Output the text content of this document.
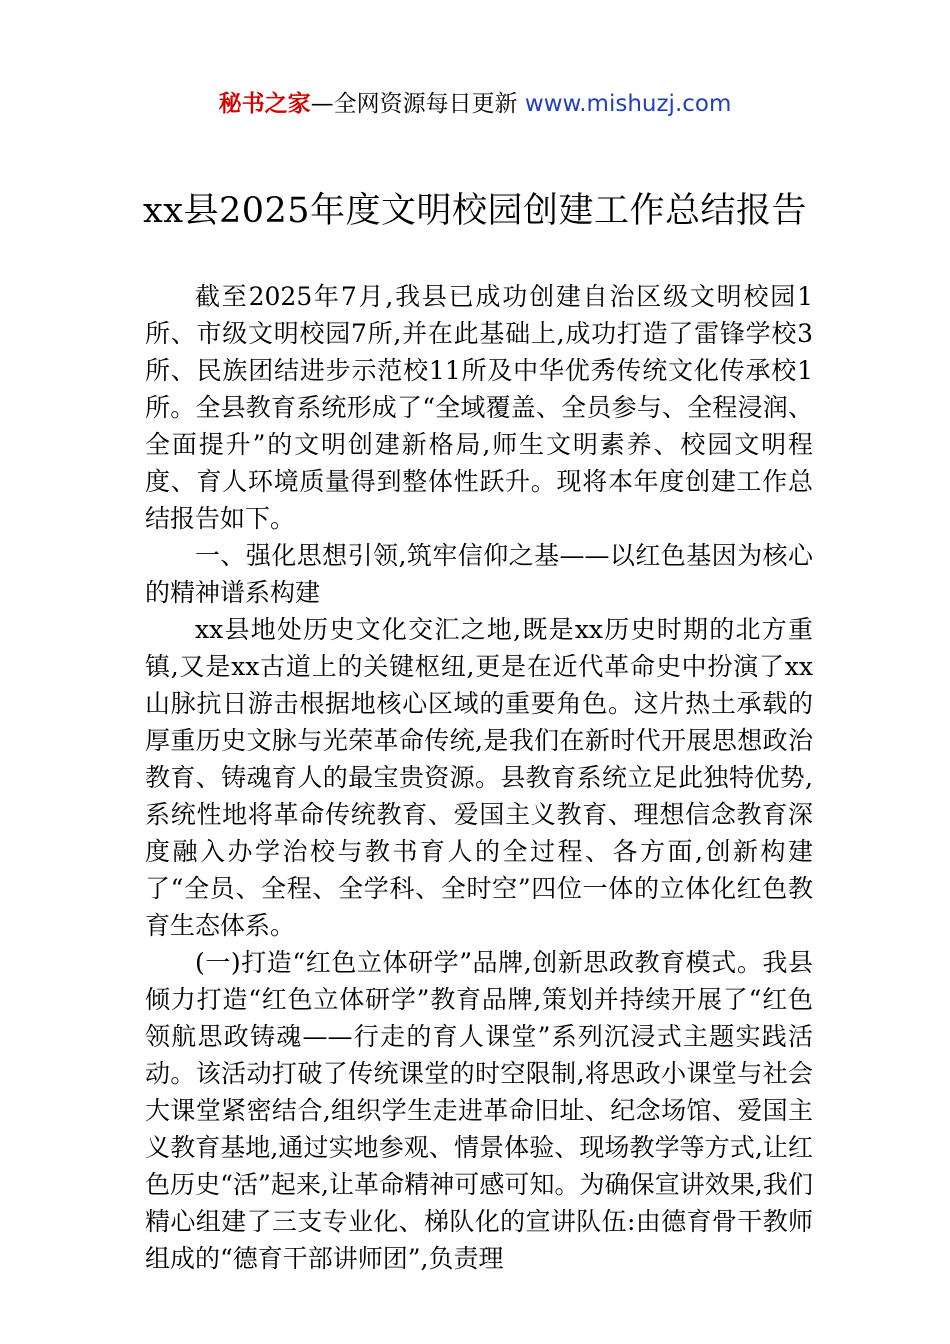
秘书之家—全网资源每日更新 www.mishuzj.com
xx县2025年度文明校园创建工作总结报告

截至2025年7月,我县已成功创建自治区级文明校园1所、市级文明校园7所,并在此基础上,成功打造了雷锋学校3所、民族团结进步示范校11所及中华优秀传统文化传承校1所。全县教育系统形成了“全域覆盖、全员参与、全程浸润、全面提升”的文明创建新格局,师生文明素养、校园文明程度、育人环境质量得到整体性跃升。现将本年度创建工作总结报告如下。

一、强化思想引领,筑牢信仰之基——以红色基因为核心的精神谱系构建

xx县地处历史文化交汇之地,既是xx历史时期的北方重镇,又是xx古道上的关键枢纽,更是在近代革命史中扮演了xx山脉抗日游击根据地核心区域的重要角色。这片热土承载的厚重历史文脉与光荣革命传统,是我们在新时代开展思想政治教育、铸魂育人的最宝贵资源。县教育系统立足此独特优势,系统性地将革命传统教育、爱国主义教育、理想信念教育深度融入办学治校与教书育人的全过程、各方面,创新构建了“全员、全程、全学科、全时空”四位一体的立体化红色教育生态体系。

(一)打造“红色立体研学”品牌,创新思政教育模式。我县倾力打造“红色立体研学”教育品牌,策划并持续开展了“红色领航思政铸魂——行走的育人课堂”系列沉浸式主题实践活动。该活动打破了传统课堂的时空限制,将思政小课堂与社会大课堂紧密结合,组织学生走进革命旧址、纪念场馆、爱国主义教育基地,通过实地参观、情景体验、现场教学等方式,让红色历史“活”起来,让革命精神可感可知。为确保宣讲效果,我们精心组建了三支专业化、梯队化的宣讲队伍:由德育骨干教师组成的“德育干部讲师团”,负责理
